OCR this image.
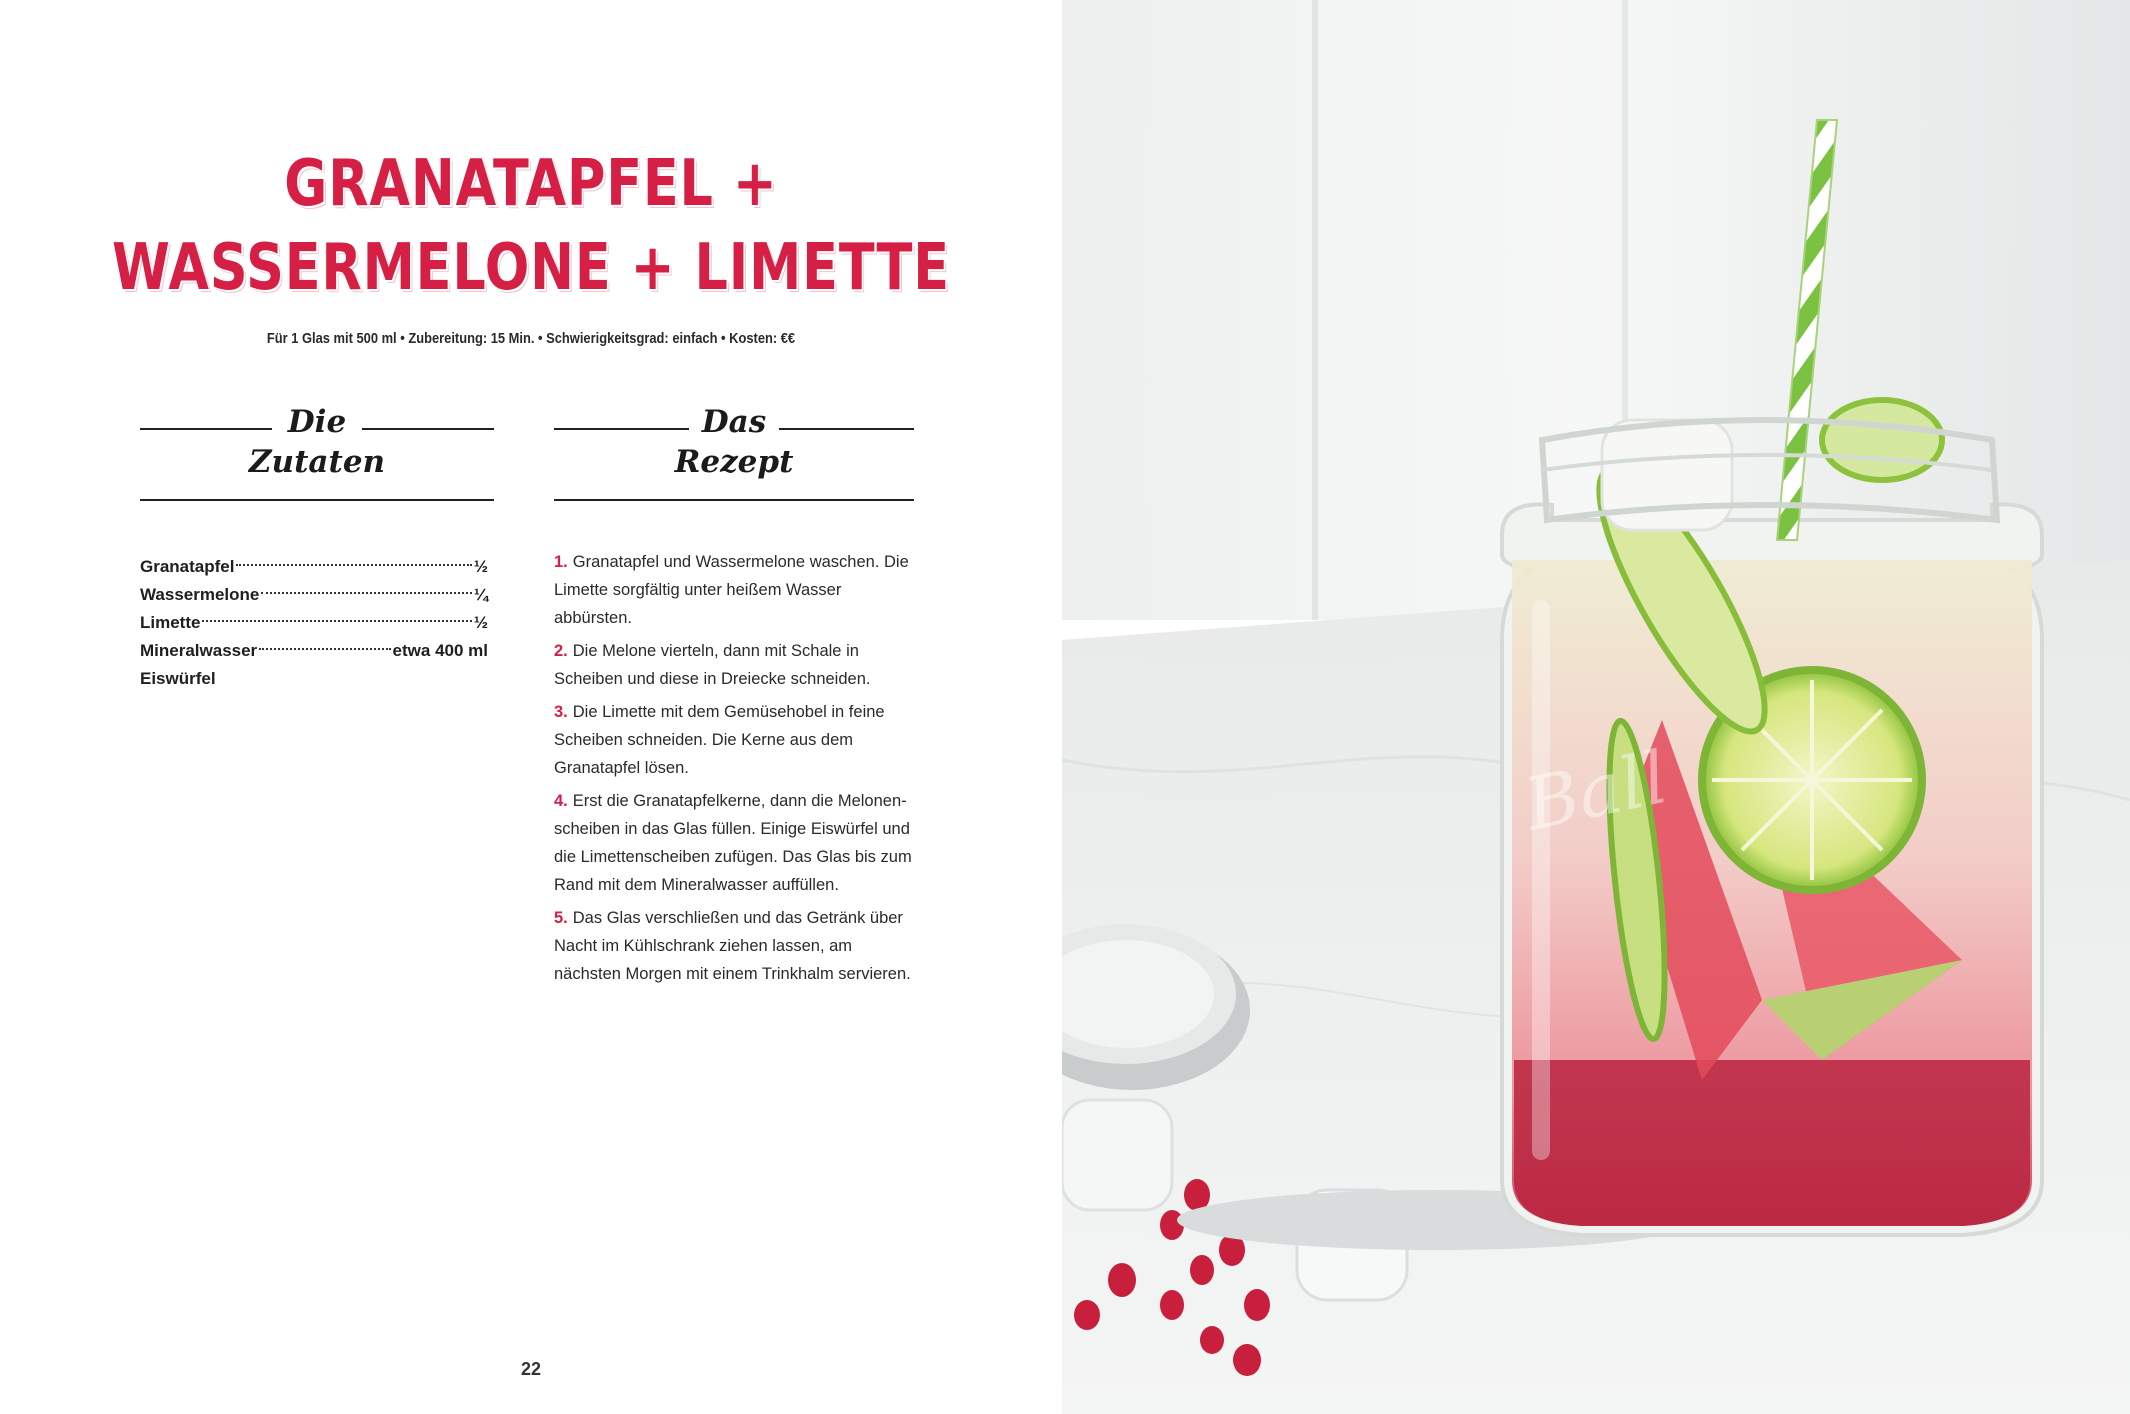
GRANATAPFEL +
WASSERMELONE + LIMETTE
Für 1 Glas mit 500 ml • Zubereitung: 15 Min. • Schwierigkeitsgrad: einfach • Kosten: €€
Die
Zutaten
Das
Rezept
Granatapfel	½
Wassermelone	¼
Limette	½
Mineralwasser	etwa 400 ml
Eiswürfel
1. Granatapfel und Wassermelone waschen. Die Limette sorgfältig unter heißem Wasser abbürsten.
2. Die Melone vierteln, dann mit Schale in Scheiben und diese in Dreiecke schneiden.
3. Die Limette mit dem Gemüsehobel in feine Scheiben schneiden. Die Kerne aus dem Granatapfel lösen.
4. Erst die Granatapfelkerne, dann die Melonen-scheiben in das Glas füllen. Einige Eiswürfel und die Limettenscheiben zufügen. Das Glas bis zum Rand mit dem Mineralwasser auffüllen.
5. Das Glas verschließen und das Getränk über Nacht im Kühlschrank ziehen lassen, am nächsten Morgen mit einem Trinkhalm servieren.
22
Ball
